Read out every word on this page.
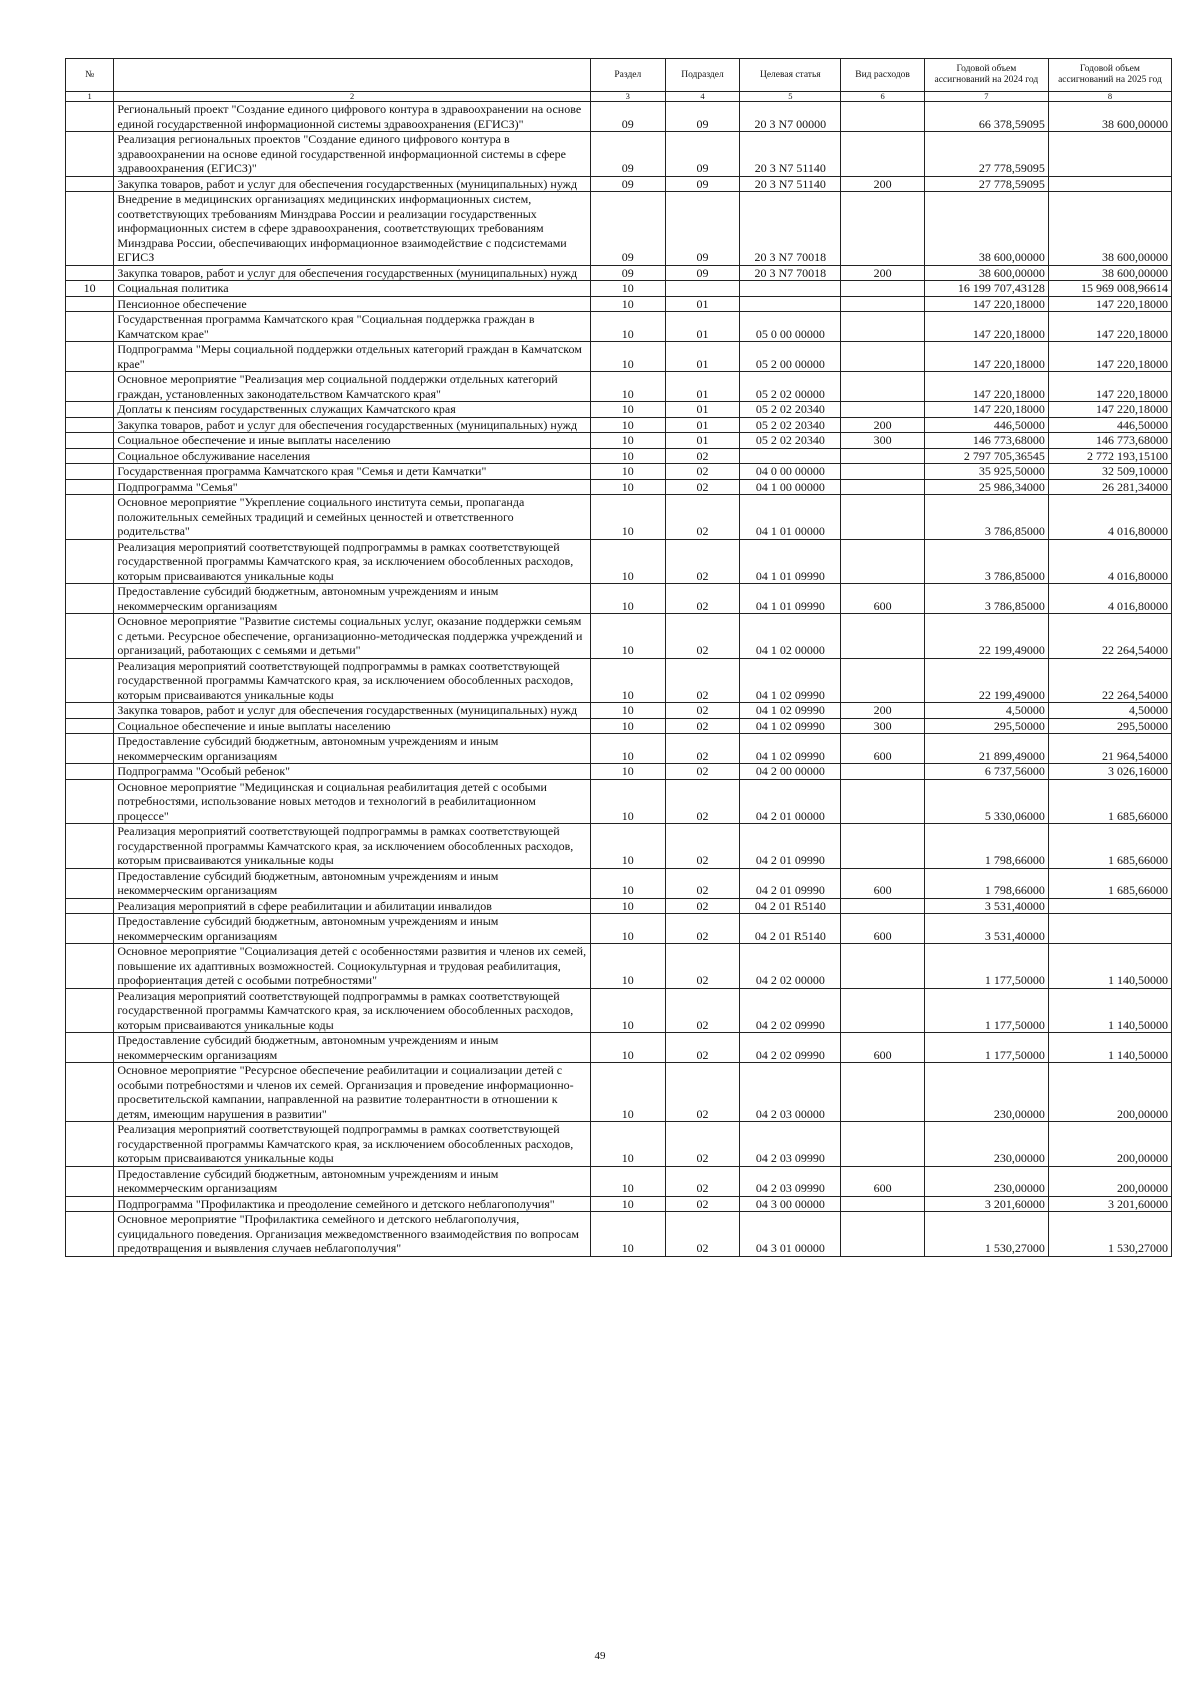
№		Раздел	Подраздел	Целевая статья	Вид расходов	Годовой объем ассигнований на 2024 год	Годовой объем ассигнований на 2025 год
1	2	3	4	5	6	7	8
	Региональный проект "Создание единого цифрового контура в здравоохранении на основе единой государственной информационной системы здравоохранения (ЕГИСЗ)"	09	09	20 3 N7 00000		66 378,59095	38 600,00000
	Реализация региональных проектов "Создание единого цифрового контура в здравоохранении на основе единой государственной информационной системы в сфере здравоохранения (ЕГИСЗ)"	09	09	20 3 N7 51140		27 778,59095	
	Закупка товаров, работ и услуг для обеспечения государственных (муниципальных) нужд	09	09	20 3 N7 51140	200	27 778,59095	
	Внедрение в медицинских организациях медицинских информационных систем, соответствующих требованиям Минздрава России и реализации государственных информационных систем в сфере здравоохранения, соответствующих требованиям Минздрава России, обеспечивающих информационное взаимодействие с подсистемами ЕГИСЗ	09	09	20 3 N7 70018		38 600,00000	38 600,00000
	Закупка товаров, работ и услуг для обеспечения государственных (муниципальных) нужд	09	09	20 3 N7 70018	200	38 600,00000	38 600,00000
10	Социальная политика	10				16 199 707,43128	15 969 008,96614
	Пенсионное обеспечение	10	01			147 220,18000	147 220,18000
	Государственная программа Камчатского края "Социальная поддержка граждан в Камчатском крае"	10	01	05 0 00 00000		147 220,18000	147 220,18000
	Подпрограмма "Меры социальной поддержки отдельных категорий граждан в Камчатском крае"	10	01	05 2 00 00000		147 220,18000	147 220,18000
	Основное мероприятие "Реализация мер социальной поддержки отдельных категорий граждан, установленных законодательством Камчатского края"	10	01	05 2 02 00000		147 220,18000	147 220,18000
	Доплаты к пенсиям государственных служащих Камчатского края	10	01	05 2 02 20340		147 220,18000	147 220,18000
	Закупка товаров, работ и услуг для обеспечения государственных (муниципальных) нужд	10	01	05 2 02 20340	200	446,50000	446,50000
	Социальное обеспечение и иные выплаты населению	10	01	05 2 02 20340	300	146 773,68000	146 773,68000
	Социальное обслуживание населения	10	02			2 797 705,36545	2 772 193,15100
	Государственная программа Камчатского края "Семья и дети Камчатки"	10	02	04 0 00 00000		35 925,50000	32 509,10000
	Подпрограмма "Семья"	10	02	04 1 00 00000		25 986,34000	26 281,34000
	Основное мероприятие "Укрепление социального института семьи, пропаганда положительных семейных традиций и семейных ценностей и ответственного родительства"	10	02	04 1 01 00000		3 786,85000	4 016,80000
	Реализация мероприятий соответствующей подпрограммы в рамках соответствующей государственной программы Камчатского края, за исключением обособленных расходов, которым присваиваются уникальные коды	10	02	04 1 01 09990		3 786,85000	4 016,80000
	Предоставление субсидий бюджетным, автономным учреждениям и иным некоммерческим организациям	10	02	04 1 01 09990	600	3 786,85000	4 016,80000
	Основное мероприятие "Развитие системы социальных услуг, оказание поддержки семьям с детьми. Ресурсное обеспечение, организационно-методическая поддержка учреждений и организаций, работающих с семьями и детьми"	10	02	04 1 02 00000		22 199,49000	22 264,54000
	Реализация мероприятий соответствующей подпрограммы в рамках соответствующей государственной программы Камчатского края, за исключением обособленных расходов, которым присваиваются уникальные коды	10	02	04 1 02 09990		22 199,49000	22 264,54000
	Закупка товаров, работ и услуг для обеспечения государственных (муниципальных) нужд	10	02	04 1 02 09990	200	4,50000	4,50000
	Социальное обеспечение и иные выплаты населению	10	02	04 1 02 09990	300	295,50000	295,50000
	Предоставление субсидий бюджетным, автономным учреждениям и иным некоммерческим организациям	10	02	04 1 02 09990	600	21 899,49000	21 964,54000
	Подпрограмма "Особый ребенок"	10	02	04 2 00 00000		6 737,56000	3 026,16000
	Основное мероприятие "Медицинская и социальная реабилитация детей с особыми потребностями, использование новых методов и технологий в реабилитационном процессе"	10	02	04 2 01 00000		5 330,06000	1 685,66000
	Реализация мероприятий соответствующей подпрограммы в рамках соответствующей государственной программы Камчатского края, за исключением обособленных расходов, которым присваиваются уникальные коды	10	02	04 2 01 09990		1 798,66000	1 685,66000
	Предоставление субсидий бюджетным, автономным учреждениям и иным некоммерческим организациям	10	02	04 2 01 09990	600	1 798,66000	1 685,66000
	Реализация мероприятий в сфере реабилитации и абилитации инвалидов	10	02	04 2 01 R5140		3 531,40000	
	Предоставление субсидий бюджетным, автономным учреждениям и иным некоммерческим организациям	10	02	04 2 01 R5140	600	3 531,40000	
	Основное мероприятие "Социализация детей с особенностями развития и членов их семей, повышение их адаптивных возможностей. Социокультурная и трудовая реабилитация, профориентация детей с особыми потребностями"	10	02	04 2 02 00000		1 177,50000	1 140,50000
	Реализация мероприятий соответствующей подпрограммы в рамках соответствующей государственной программы Камчатского края, за исключением обособленных расходов, которым присваиваются уникальные коды	10	02	04 2 02 09990		1 177,50000	1 140,50000
	Предоставление субсидий бюджетным, автономным учреждениям и иным некоммерческим организациям	10	02	04 2 02 09990	600	1 177,50000	1 140,50000
	Основное мероприятие "Ресурсное обеспечение реабилитации и социализации детей с особыми потребностями и членов их семей. Организация и проведение информационно-просветительской кампании, направленной на развитие толерантности в отношении к детям, имеющим нарушения в развитии"	10	02	04 2 03 00000		230,00000	200,00000
	Реализация мероприятий соответствующей подпрограммы в рамках соответствующей государственной программы Камчатского края, за исключением обособленных расходов, которым присваиваются уникальные коды	10	02	04 2 03 09990		230,00000	200,00000
	Предоставление субсидий бюджетным, автономным учреждениям и иным некоммерческим организациям	10	02	04 2 03 09990	600	230,00000	200,00000
	Подпрограмма "Профилактика и преодоление семейного и детского неблагополучия"	10	02	04 3 00 00000		3 201,60000	3 201,60000
	Основное мероприятие "Профилактика семейного и детского неблагополучия, суицидального поведения. Организация межведомственного взаимодействия по вопросам предотвращения и выявления случаев неблагополучия"	10	02	04 3 01 00000		1 530,27000	1 530,27000
49
